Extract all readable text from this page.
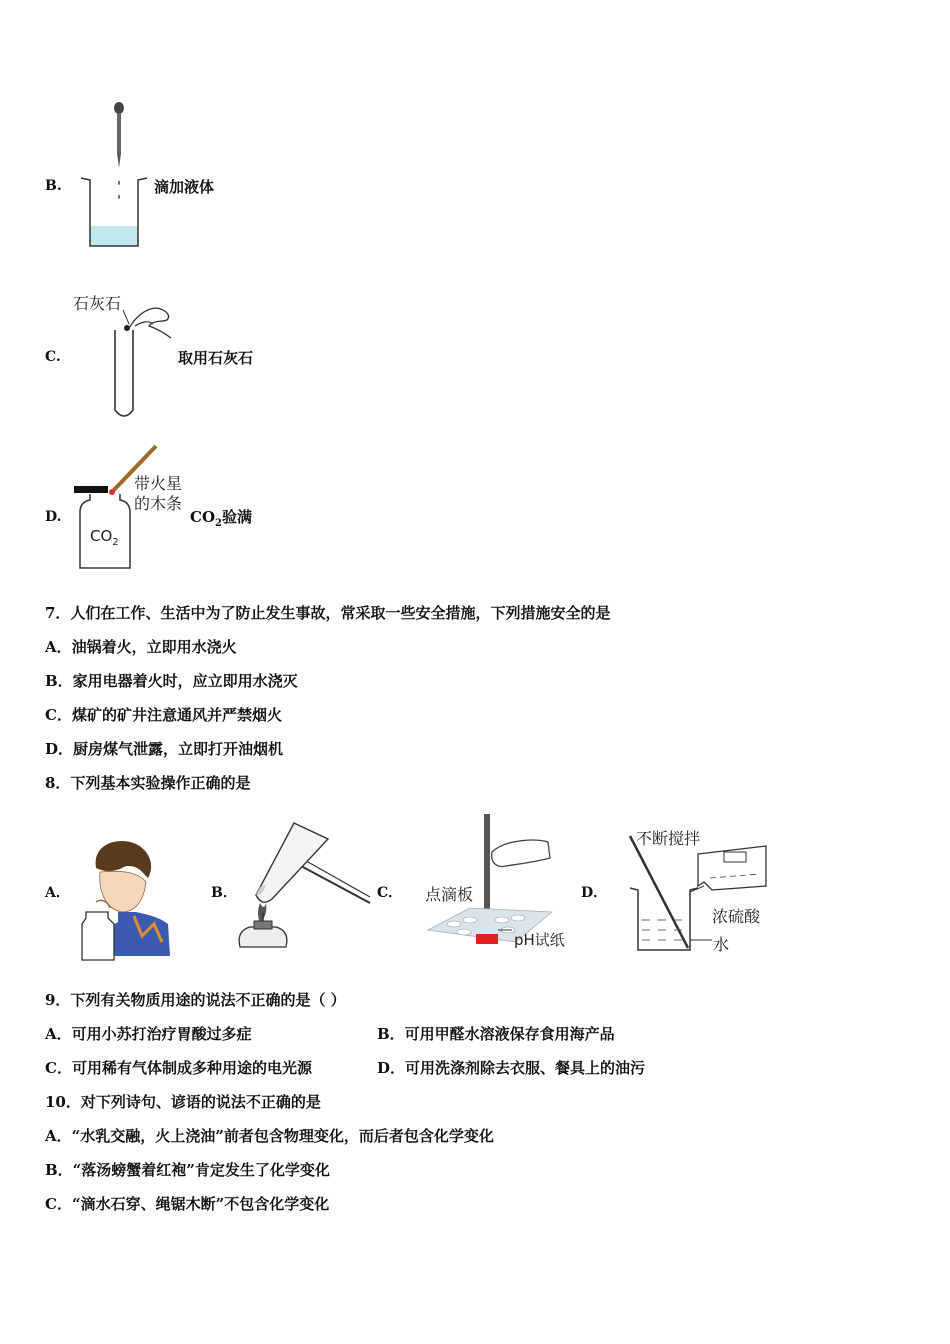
B.	滴加液体
C.
石灰石
取用石灰石
D.
$CO_2$
带火星
的木条
$CO_2$验满
7．人们在工作、生活中为了防止发生事故，常采取一些安全措施，下列措施安全的是
A．油锅着火，立即用水浇火
B．家用电器着火时，应立即用水浇灭
C．煤矿的矿井注意通风并严禁烟火
D．厨房煤气泄露，立即打开油烟机
8．下列基本实验操作正确的是
A．	B．	C． 点滴板
pH试纸
D．
不断搅拌
浓硫酸
水
9．下列有关物质用途的说法不正确的是（ ）
A．可用小苏打治疗胃酸过多症	B．可用甲醛水溶液保存食用海产品
C．可用稀有气体制成多种用途的电光源	D．可用洗涤剂除去衣服、餐具上的油污
10．对下列诗句、谚语的说法不正确的是
A．“水乳交融，火上浇油”前者包含物理变化，而后者包含化学变化
B．“落汤螃蟹着红袍”肯定发生了化学变化
C．“滴水石穿、绳锯木断”不包含化学变化
